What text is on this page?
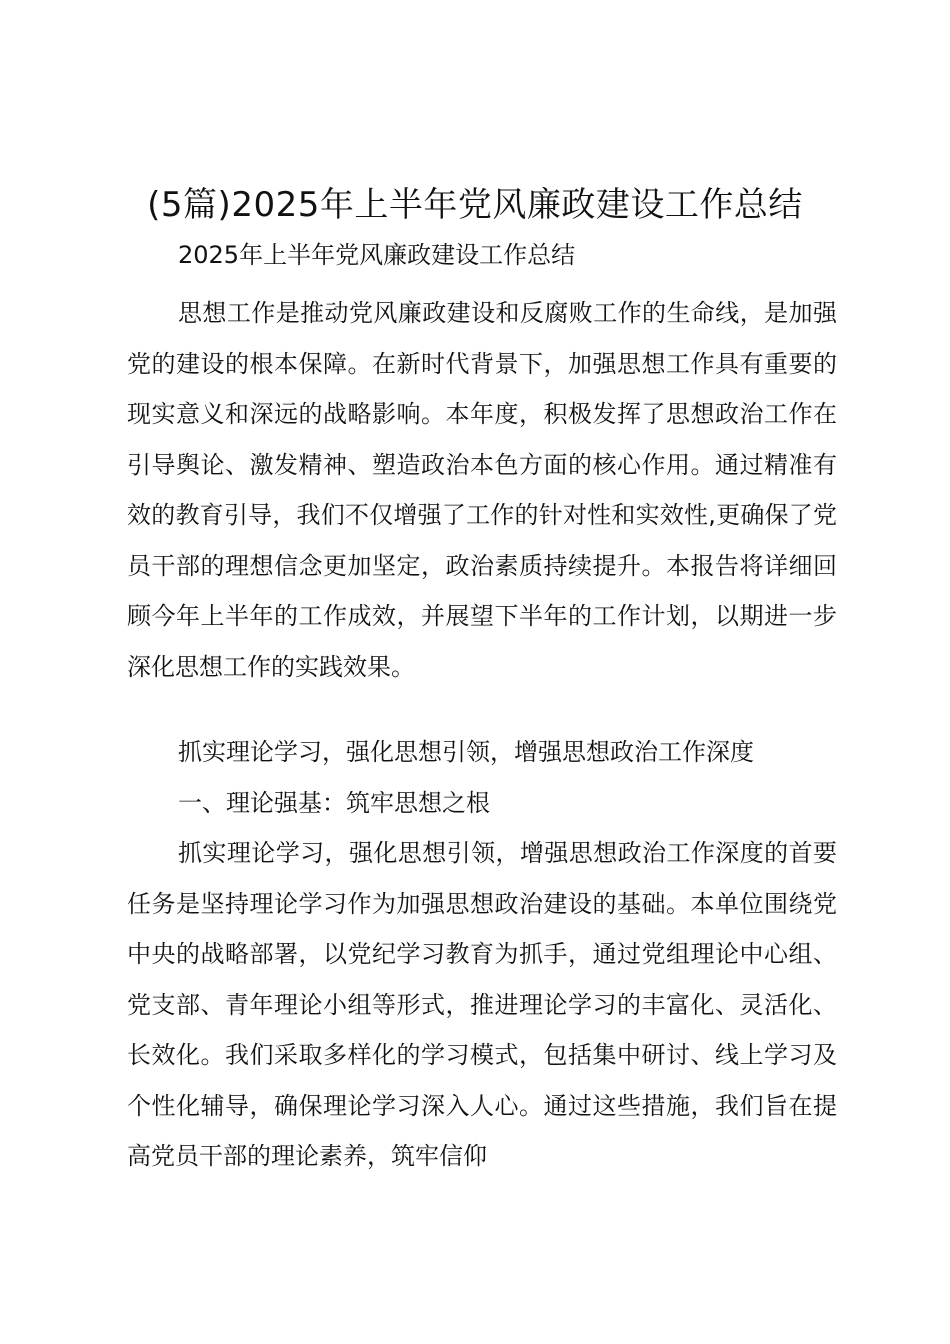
(5篇)2025年上半年党风廉政建设工作总结
2025年上半年党风廉政建设工作总结

思想工作是推动党风廉政建设和反腐败工作的生命线，是加强党的建设的根本保障。在新时代背景下，加强思想工作具有重要的现实意义和深远的战略影响。本年度，积极发挥了思想政治工作在引导舆论、激发精神、塑造政治本色方面的核心作用。通过精准有效的教育引导，我们不仅增强了工作的针对性和实效性,更确保了党员干部的理想信念更加坚定，政治素质持续提升。本报告将详细回顾今年上半年的工作成效，并展望下半年的工作计划，以期进一步深化思想工作的实践效果。

抓实理论学习，强化思想引领，增强思想政治工作深度
一、理论强基：筑牢思想之根

抓实理论学习，强化思想引领，增强思想政治工作深度的首要任务是坚持理论学习作为加强思想政治建设的基础。本单位围绕党中央的战略部署，以党纪学习教育为抓手，通过党组理论中心组、党支部、青年理论小组等形式，推进理论学习的丰富化、灵活化、长效化。我们采取多样化的学习模式，包括集中研讨、线上学习及个性化辅导，确保理论学习深入人心。通过这些措施，我们旨在提高党员干部的理论素养，筑牢信仰
